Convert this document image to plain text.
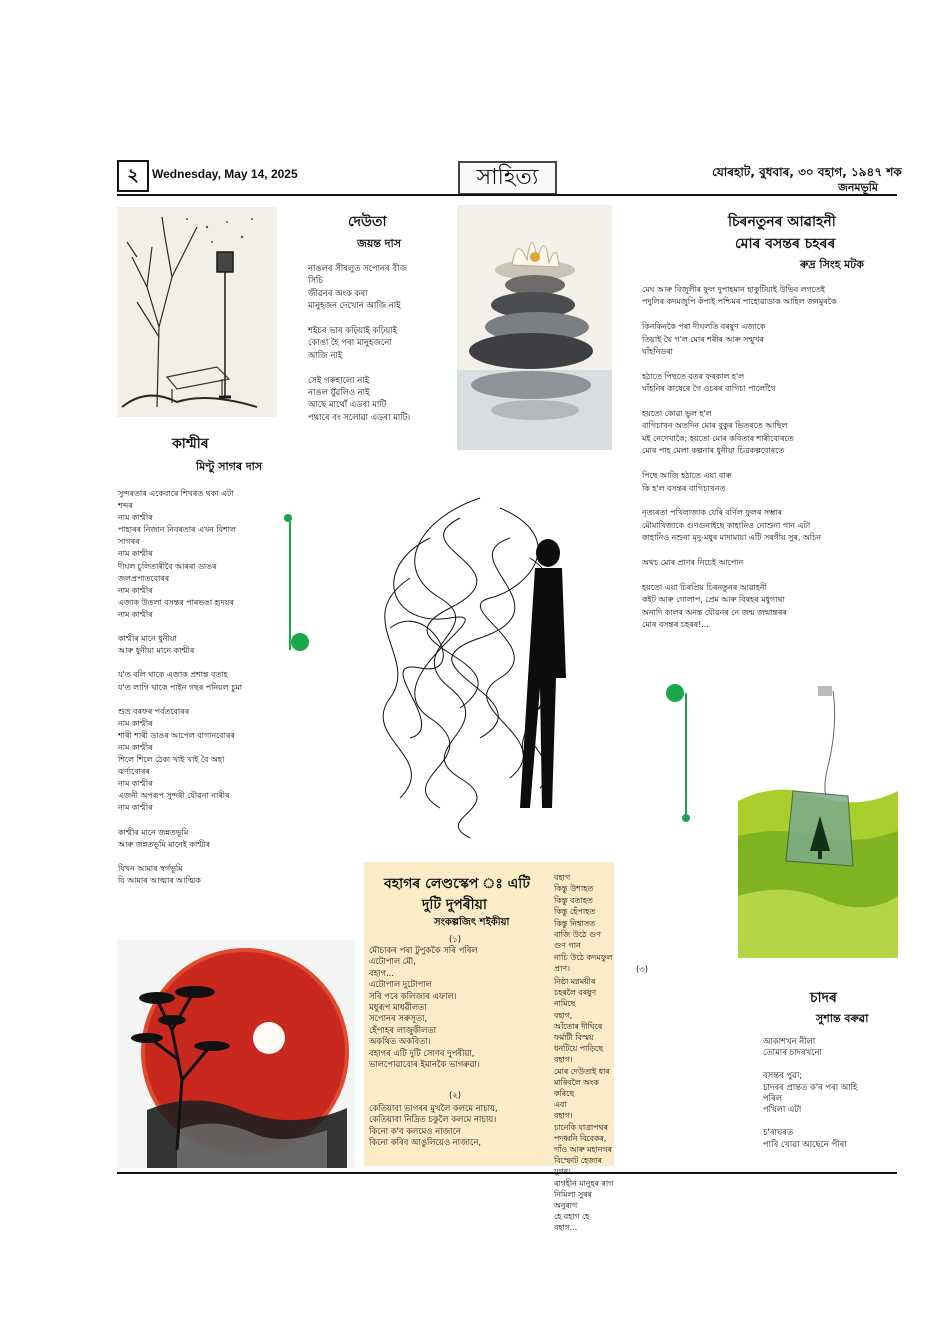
২	Wednesday, May 14, 2025	সাহিত্য	যোৰহাট, বুধবাৰ, ৩০ বহাগ, ১৯৪৭ শক
জনমভূমি
দেউতা
জয়ন্ত দাস
নাঙলৰ সীৰলুত সপোনৰ বীজ
সিচি
জীৱনৰ অংক কৰা
মানুহজন দেখোন আজি নাই

শইচৰ ভাৰ কঢ়িয়াই কঢ়িয়াই
কোঙা হৈ পৰা মানুহজনো
আজি নাই

সেই গৰুহালো নাই
নাঙল যুঁৱলিও নাই
আছে মাথোঁ এডৰা মাটি
পথাৰে বং সলোৱা এডৰা মাটি।
চিৰনতুনৰ আৱাহনী
মোৰ বসন্তৰ চহৰৰ
ৰুদ্ৰ সিংহ মটক
মেঘ আৰু বিজুলীৰ ফুল দুপাহমান হাকুটিয়াই উভিব লগতেই
পদুলিৰ কদমজুপি কঁপাই পশ্চিমৰ পাহোৱাডাক আহিল জনমুৰকৈ

কিনকিনকৈ পৰা দীঘলতি বৰষুণ এজাকে
তিয়াই থৈ গ'ল মোৰ শৰীৰ আৰু সন্মুখৰ
ঘাঁহনিডৰা

হঠাতে পিছতে বতৰ ফৰকাল হ'ল
ঘাঁহনিৰ কাষেৰে গৈ ওচৰৰ বাগিচা পালোঁগৈ

হয়তো কোৱা ভুল হ'ল
বাগিচাখন অতদিন মোৰ বুকুৰ ভিতৰতে আছিল
মই নেদেখাকৈ; হয়তো মোৰ কবিতাৰ শাৰীবোৰতে
মোৰ পাহ মেলা কল্পনাৰ ধুনীয়া চিত্ৰকল্পবোৰতে

পিছে আজি হঠাতে এয়া বাৰু
কি হ'ল বসন্তৰ বাগিচাখনত

নৃত্যৰতা পখিলাজাক যেৰি বৰ্ণিল ফুলৰ সম্ভাৰ
মৌমাখিজাকে গুণগুনাইছে কাহানিও নোশুনা গান এটা
কাহানিও নশুনা মৃদু-মধুৰ মাদামায়া এটি সৰগীয় সুৰ, অচিন

অথচ মোৰ প্ৰাণৰ নিচেই আপোন

হয়তো এয়া চিৰপ্ৰিয় চিৰনতুনৰ আৱাহনী
কইট আৰু গোলাপ, প্ৰেম আৰু বিৰহৰ মধুগাথা
অনাদি কালৰ অনন্ত যৌৱনৰ নে জন্ম জন্মান্তৰৰ
মোৰ বসন্তৰ চহৰৰ!...
কাশ্মীৰ
মিণ্টু সাগৰ দাস
সুন্দৰতাৰ একেবাৰে শিখৰত থকা এটা
শব্দৰ
নাম কাশ্মীৰ
পাহাৰৰ নিজান নিবৰতাৰ এখন বিশাল
সাগৰৰ
নাম কাশ্মীৰ
দীঘল চুলিতাৰীবৈ আৰৰা ডাঙৰ
জলপ্ৰপাতবোৰৰ
নাম কাশ্মীৰ
এজাক উতলা বসন্তৰ পাৰভঙা হৃদয়ৰ
নাম কাশ্মীৰ

কাশ্মীৰ মানে ধুনীয়া
আৰু ধুনীয়া মানে কাশ্মীৰ

য'ত বলি থাকে এজাক প্ৰশান্ত বতাহ
য'ত লাগি থাকে পাইন গছৰ পনিয়ল চুমা

শুভ্ৰ বৰফৰ পৰ্বতবোৰৰ
নাম কাশ্মীৰ
শাৰী শাৰী ডাঙৰ আপেল বাগানবোৰৰ
নাম কাশ্মীৰ
শিলে শিলে ঠেকা খাই খাই বৈ অহা
ঝৰ্ণাবোৰৰ
নাম কাশ্মীৰ
এজনী অপৰূপ সুন্দৰী যৌৱনা নাৰীৰ
নাম কাশ্মীৰ

কাশ্মীৰ মানে জন্নতভূমি
আৰু জন্নতভূমি মানেই কাশ্মীৰ

যিখন আমাৰ স্বৰ্গভূমি
যি আমাৰ আত্মাৰ আত্মিক
চাদৰ
সুশান্ত বৰুৱা
আকাশখন নীলা
তোমাৰ চাদৰখনো

বসন্তৰ পুৱা;
চাদৰৰ প্ৰান্তত ক'ৰ পৰা আহি
পৰিল
পখিলা এটা

চ'ৰাঘৰত
পাৰি খোৱা আছেনে পীৰা
বহাগৰ লেণ্ডস্কেপ ঃ এটি
দুটি দুপৰীয়া
সংকল্পজিৎ শইকীয়া
(১)
মৌচাকৰ পৰা টুপুককৈ সৰি পৰিল
এটোপাল মৌ,
বহাগ...
এটোপাল দুটোপাল
সৰি পৰে কলিজাৰ এফাল।
মধুৰূপ মাধৱীলতা
সপোনৰ সৰুসূতা,
হেঁপাহৰ লাজুকীলতা
অকথিত অকবিতা।
বহাগৰ এটি দুটি সোণৰ দুপৰীয়া,
ভালপোৱাবোৰ ইমানকৈ ভাগৰুৱা।
(২)
কেতিয়াবা ভাগৰৰ মুখলৈ কলমে নাচায়,
কেতিয়াবা নিদ্ৰিত চকুলৈ কলমে নাচায়।
কিনো ক'ব কলমেও নাজানে
কিনো কৰিব আঙুলিয়েও নাজানে,
বহাগ
কিন্তু উশাহত
কিন্তু বতাহত
কিন্তু হেঁপাহত
কিন্তু নিশ্বাসত
বাজি উঠে গুণ গুণ গান
নাচি উঠে কদমফুল প্ৰাণ।	(৩)
নিষ্ঠা মগ্নময়ীৰ চহৰলৈ বৰষুণ নামিছে
বহাগ,
আঁতোৰ দীঘিৰে ফৰ্মাটী বিস্ময় ধনটিয়ে পাড়িছে
বহাগ।
মোৰ দেউতাই ধাৰ মাৰিবলৈ অংক কৰিছে
এবা
বহাগ।
চানেকি যাত্ৰাপথৰ
পদধ্বনি বিবেকৰ,
গাঁও আৰু মহানগৰ
বিস্ফোট হেজাৰ
ৰাগহীন মানুহৰ ৰাগ
নিমিলা সুৰৰ অনুৰাগ
হে বহাগ হে বহাগ...
